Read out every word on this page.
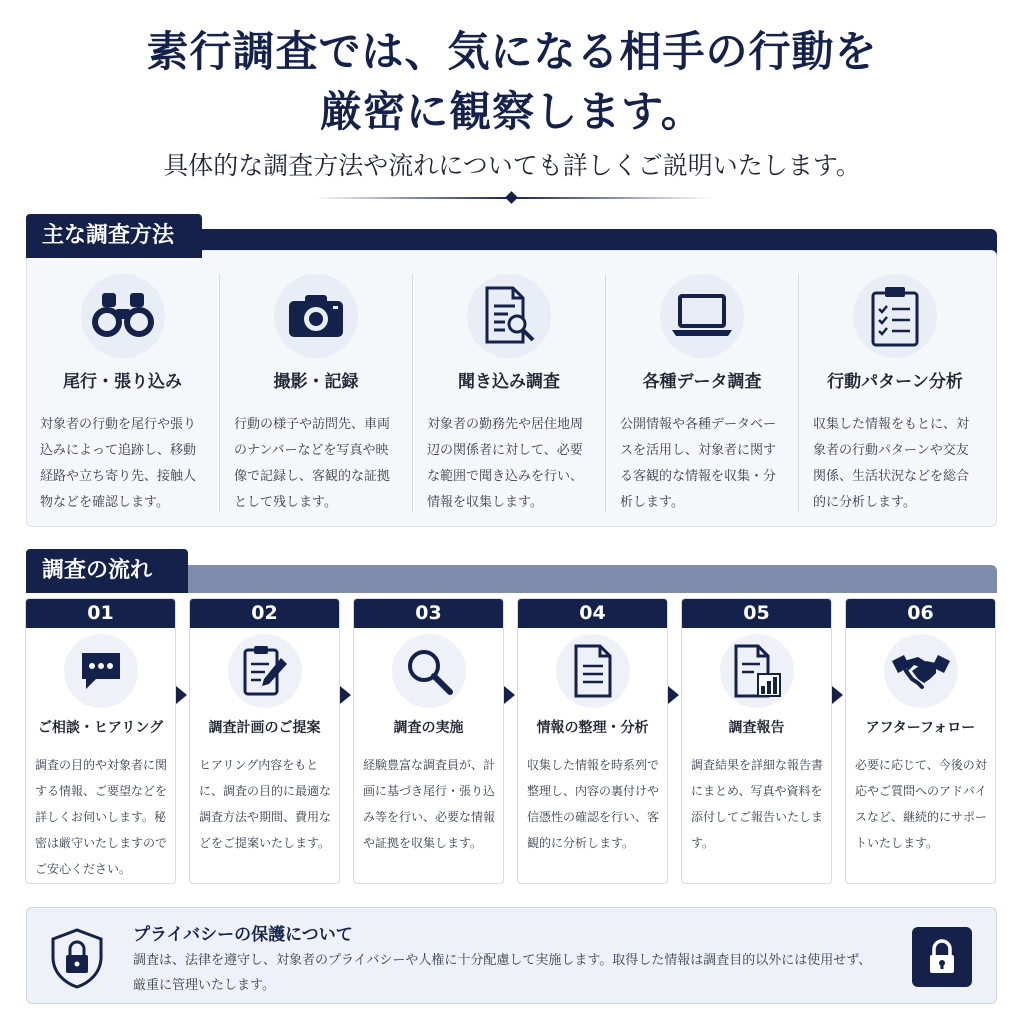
素行調査では、気になる相手の行動を
厳密に観察します。
具体的な調査方法や流れについても詳しくご説明いたします。
主な調査方法
尾行・張り込み
対象者の行動を尾行や張り込みによって追跡し、移動経路や立ち寄り先、接触人物などを確認します。
撮影・記録
行動の様子や訪問先、車両のナンバーなどを写真や映像で記録し、客観的な証拠として残します。
聞き込み調査
対象者の勤務先や居住地周辺の関係者に対して、必要な範囲で聞き込みを行い、情報を収集します。
各種データ調査
公開情報や各種データベースを活用し、対象者に関する客観的な情報を収集・分析します。
行動パターン分析
収集した情報をもとに、対象者の行動パターンや交友関係、生活状況などを総合的に分析します。
調査の流れ
01
ご相談・ヒアリング
調査の目的や対象者に関する情報、ご要望などを詳しくお伺いします。秘密は厳守いたしますのでご安心ください。
02
調査計画のご提案
ヒアリング内容をもとに、調査の目的に最適な調査方法や期間、費用などをご提案いたします。
03
調査の実施
経験豊富な調査員が、計画に基づき尾行・張り込み等を行い、必要な情報や証拠を収集します。
04
情報の整理・分析
収集した情報を時系列で整理し、内容の裏付けや信憑性の確認を行い、客観的に分析します。
05
調査報告
調査結果を詳細な報告書にまとめ、写真や資料を添付してご報告いたします。
06
アフターフォロー
必要に応じて、今後の対応やご質問へのアドバイスなど、継続的にサポートいたします。
プライバシーの保護について
調査は、法律を遵守し、対象者のプライバシーや人権に十分配慮して実施します。取得した情報は調査目的以外には使用せず、厳重に管理いたします。
